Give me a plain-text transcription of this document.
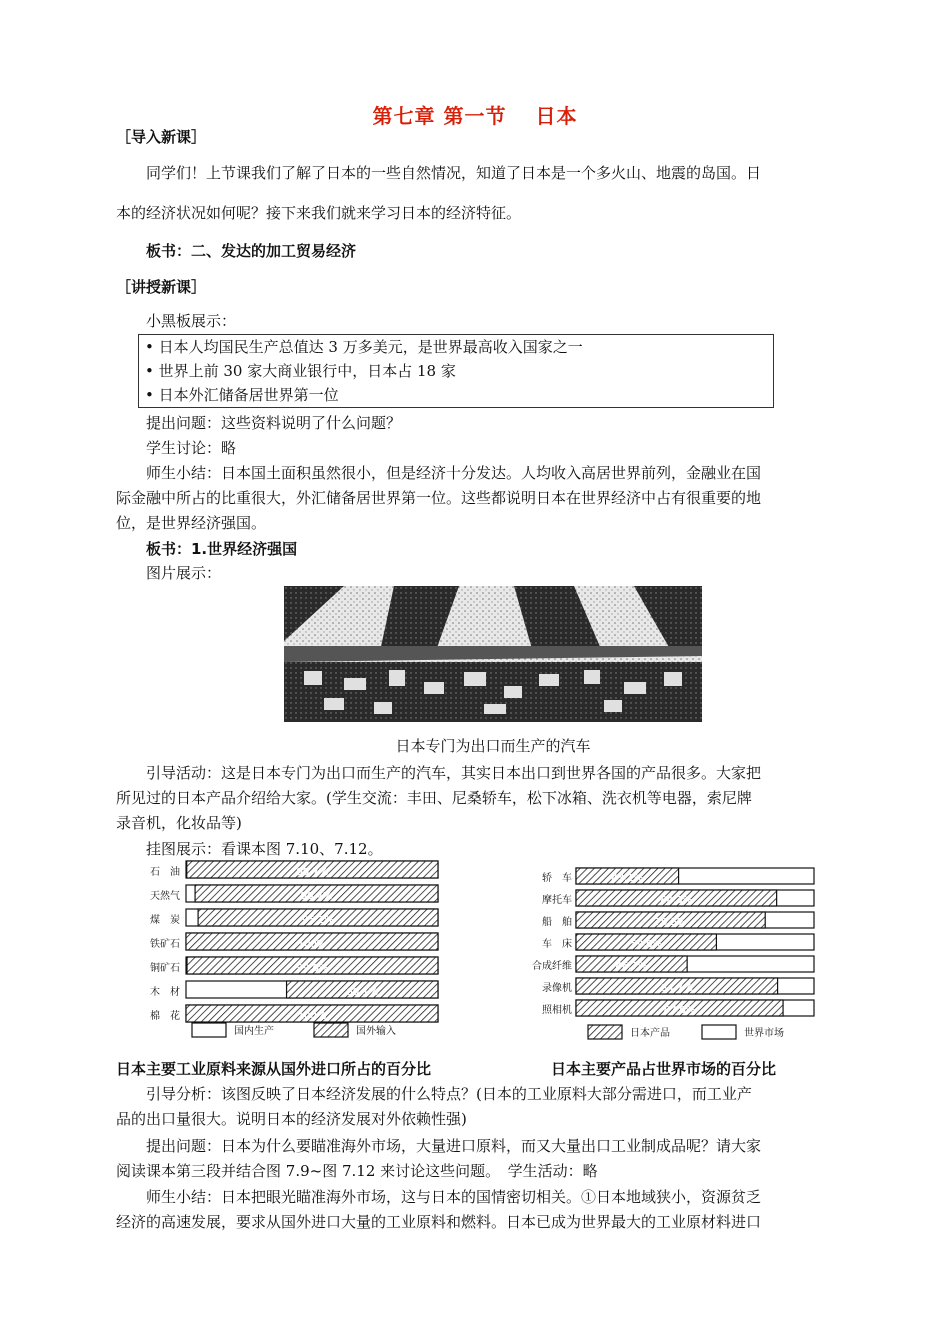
第七章 第一节　 日本
［导入新课］
同学们！上节课我们了解了日本的一些自然情况，知道了日本是一个多火山、地震的岛国。日
本的经济状况如何呢？接下来我们就来学习日本的经济特征。
板书：二、发达的加工贸易经济
［讲授新课］
小黑板展示：
• 日本人均国民生产总值达 3 万多美元，是世界最高收入国家之一
• 世界上前 30 家大商业银行中，日本占 18 家
• 日本外汇储备居世界第一位
提出问题：这些资料说明了什么问题？
学生讨论：略
师生小结：日本国土面积虽然很小，但是经济十分发达。人均收入高居世界前列，金融业在国
际金融中所占的比重很大，外汇储备居世界第一位。这些都说明日本在世界经济中占有很重要的地
位，是世界经济强国。
板书：1.世界经济强国
图片展示：
日本专门为出口而生产的汽车
引导活动：这是日本专门为出口而生产的汽车，其实日本出口到世界各国的产品很多。大家把
所见过的日本产品介绍给大家。(学生交流：丰田、尼桑轿车，松下冰箱、洗衣机等电器，索尼牌
录音机，化妆品等)
挂图展示：看课本图 7.10、7.12。
石　油	99.7%
天然气	96.4%
煤　炭	95.2%
铁矿石	100%
铜矿石	99.6%
木　材	60.1%
棉　花	100%
国内生产	国外输入
轿　车	43.1%
摩托车	84.3%
船　舶	79.5%
车　床	59.0%
合成纤维	46.7%
录像机	84.7%
照相机	87.0%
日本产品	世界市场
日本主要工业原料来源从国外进口所占的百分比	日本主要产品占世界市场的百分比
引导分析：该图反映了日本经济发展的什么特点？(日本的工业原料大部分需进口，而工业产
品的出口量很大。说明日本的经济发展对外依赖性强)
提出问题：日本为什么要瞄准海外市场，大量进口原料，而又大量出口工业制成品呢？请大家
阅读课本第三段并结合图 7.9~图 7.12 来讨论这些问题。　学生活动：略
师生小结：日本把眼光瞄准海外市场，这与日本的国情密切相关。①日本地域狭小，资源贫乏
经济的高速发展，要求从国外进口大量的工业原料和燃料。日本已成为世界最大的工业原材料进口
